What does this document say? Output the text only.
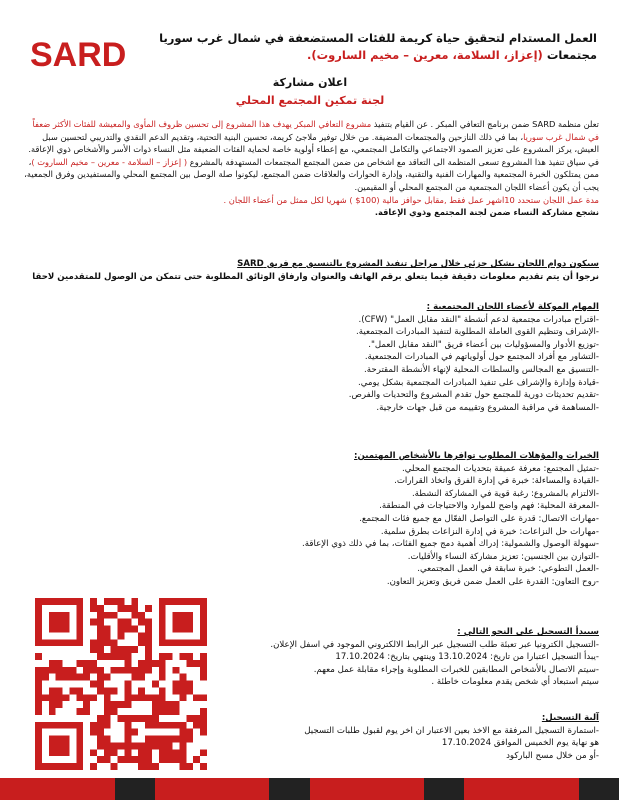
SARD	العمل المستدام لتحقيق حياة كريمة للفئات المستضعفة في شمال غرب سوريا
مجتمعات (إعزاز، السلامة، معرين – مخيم الساروت).
اعلان مشاركة
لجنة تمكين المجتمع المحلي
تعلن منظمة SARD ضمن برنامج التعافي المبكر . عن القيام بتنفيذ مشروع التعافي المبكر يهدف هذا المشروع إلى تحسين ظروف المأوى والمعيشة للفئات الأكثر ضعفاً في شمال غرب سوريا، بما في ذلك النازحين والمجتمعات المضيفة. من خلال توفير ملاجئ كريمة، تحسين البنية التحتية، وتقديم الدعم النقدي والتدريبي لتحسين سبل العيش، يركز المشروع على تعزيز الصمود الاجتماعي والتكامل المجتمعي، مع إعطاء أولوية خاصة لحماية الفئات الضعيفة مثل النساء ذوات الأسر والأشخاص ذوي الإعاقة. في سياق تنفيذ هذا المشروع تسعى المنظمة الى التعاقد مع اشخاص من ضمن المجتمع المجتمعات المستهدفة بالمشروع ( إعزاز – السلامة - معرين – مخيم الساروت )، ممن يمتلكون الخبرة المجتمعية والمهارات الفنية والتقنية، وإدارة الحوارات والعلاقات ضمن المجتمع، ليكونوا صلة الوصل بين المجتمع المحلي والمستفيدين وفرق الجمعية، يجب أن يكون أعضاء اللجان المجتمعية من المجتمع المحلي أو المقيمين.
مدة عمل اللجان ستحدد 10اشهر عمل فقط ,مقابل حوافز مالية (100$ ) شهريا لكل ممثل من أعضاء اللجان .
نشجع مشاركة النساء ضمن لجنة المجتمع وذوي الإعاقة.
سيكون دوام اللجان بشكل جزئي خلال مراحل تنفيذ المشروع بالتنسيق مع فريق SARD
نرجوا أن يتم تقديم معلومات دقيقة فيما يتعلق برقم الهاتف والعنوان وارفاق الوثائق المطلوبة حتى تتمكن من الوصول للمتقدمين لاحقا
المهام الموكلة لأعضاء اللجان المجتمعية :
-اقتراح مبادرات مجتمعية لدعم أنشطة "النقد مقابل العمل" (CFW).
-الإشراف وتنظيم القوى العاملة المطلوبة لتنفيذ المبادرات المجتمعية.
-توزيع الأدوار والمسؤوليات بين أعضاء فريق "النقد مقابل العمل".
-التشاور مع أفراد المجتمع حول أولوياتهم في المبادرات المجتمعية.
-التنسيق مع المجالس والسلطات المحلية لإنهاء الأنشطة المقترحة.
-قيادة وإدارة والإشراف على تنفيذ المبادرات المجتمعية بشكل يومي.
-تقديم تحديثات دورية للمجتمع حول تقدم المشروع والتحديات والفرص.
-المساهمة في مراقبة المشروع وتقييمه من قبل جهات خارجية.
الخبرات والمؤهلات المطلوب توافرها بالأشخاص المهتمين:
-تمثيل المجتمع: معرفة عميقة بتحديات المجتمع المحلي.
-القيادة والمساءلة: خبرة في إدارة الفرق واتخاذ القرارات.
-الالتزام بالمشروع: رغبة قوية في المشاركة النشطة.
-المعرفة المحلية: فهم واضح للموارد والاحتياجات في المنطقة.
-مهارات الاتصال: قدرة على التواصل الفعّال مع جميع فئات المجتمع.
-مهارات حل النزاعات: خبرة في إدارة النزاعات بطرق سلمية.
-سهولة الوصول والشمولية: إدراك أهمية دمج جميع الفئات، بما في ذلك ذوي الإعاقة.
-التوازن بين الجنسين: تعزيز مشاركة النساء والأقليات.
-العمل التطوعي: خبرة سابقة في العمل المجتمعي.
-روح التعاون: القدرة على العمل ضمن فريق وتعزيز التعاون.
سيبدأ التسجيل على النحو التالي :
-التسجيل الكترونيا عبر تعبئة طلب التسجيل عبر الرابط الالكتروني الموجود في اسفل الإعلان.
-يبدأ التسجيل اعتبارا من تاريخ: 13.10.2024 وينتهي بتاريخ: 17.10.2024
-سيتم الاتصال بالأشخاص المطابقين للخبرات المطلوبة وإجراء مقابلة عمل معهم.
سيتم استبعاد أي شخص يقدم معلومات خاطئة .
آلية التسجيل:
-استمارة التسجيل المرفقة مع الاخذ بعين الاعتبار ان اخر يوم لقبول طلبات التسجيل
هو نهاية يوم الخميس الموافق 17.10.2024
-أو من خلال مسح الباركود
